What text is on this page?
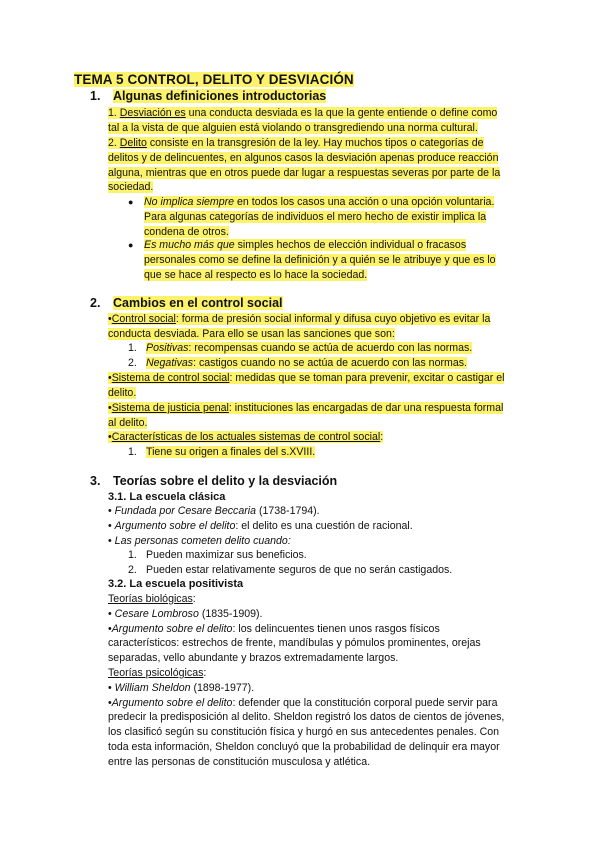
TEMA 5 CONTROL, DELITO Y DESVIACIÓN
1. Algunas definiciones introductorias
1. Desviación es una conducta desviada es la que la gente entiende o define como
tal a la vista de que alguien está violando o transgrediendo una norma cultural.
2. Delito consiste en la transgresión de la ley. Hay muchos tipos o categorías de
delitos y de delincuentes, en algunos casos la desviación apenas produce reacción
alguna, mientras que en otros puede dar lugar a respuestas severas por parte de la
sociedad.
● No implica siempre en todos los casos una acción o una opción voluntaria.
Para algunas categorías de individuos el mero hecho de existir implica la
condena de otros.
● Es mucho más que simples hechos de elección individual o fracasos
personales como se define la definición y a quién se le atribuye y que es lo
que se hace al respecto es lo hace la sociedad.
2. Cambios en el control social
•Control social: forma de presión social informal y difusa cuyo objetivo es evitar la
conducta desviada. Para ello se usan las sanciones que son:
1. Positivas: recompensas cuando se actúa de acuerdo con las normas.
2. Negativas: castigos cuando no se actúa de acuerdo con las normas.
•Sistema de control social: medidas que se toman para prevenir, excitar o castigar el
delito.
•Sistema de justicia penal: instituciones las encargadas de dar una respuesta formal
al delito.
•Características de los actuales sistemas de control social:
1. Tiene su origen a finales del s.XVIII.
3. Teorías sobre el delito y la desviación
3.1. La escuela clásica
• Fundada por Cesare Beccaria (1738-1794).
• Argumento sobre el delito: el delito es una cuestión de racional.
• Las personas cometen delito cuando:
1. Pueden maximizar sus beneficios.
2. Pueden estar relativamente seguros de que no serán castigados.
3.2. La escuela positivista
Teorías biológicas:
• Cesare Lombroso (1835-1909).
•Argumento sobre el delito: los delincuentes tienen unos rasgos físicos
característicos: estrechos de frente, mandíbulas y pómulos prominentes, orejas
separadas, vello abundante y brazos extremadamente largos.
Teorías psicológicas:
• William Sheldon (1898-1977).
•Argumento sobre el delito: defender que la constitución corporal puede servir para
predecir la predisposición al delito. Sheldon registró los datos de cientos de jóvenes,
los clasificó según su constitución física y hurgó en sus antecedentes penales. Con
toda esta información, Sheldon concluyó que la probabilidad de delinquir era mayor
entre las personas de constitución musculosa y atlética.
